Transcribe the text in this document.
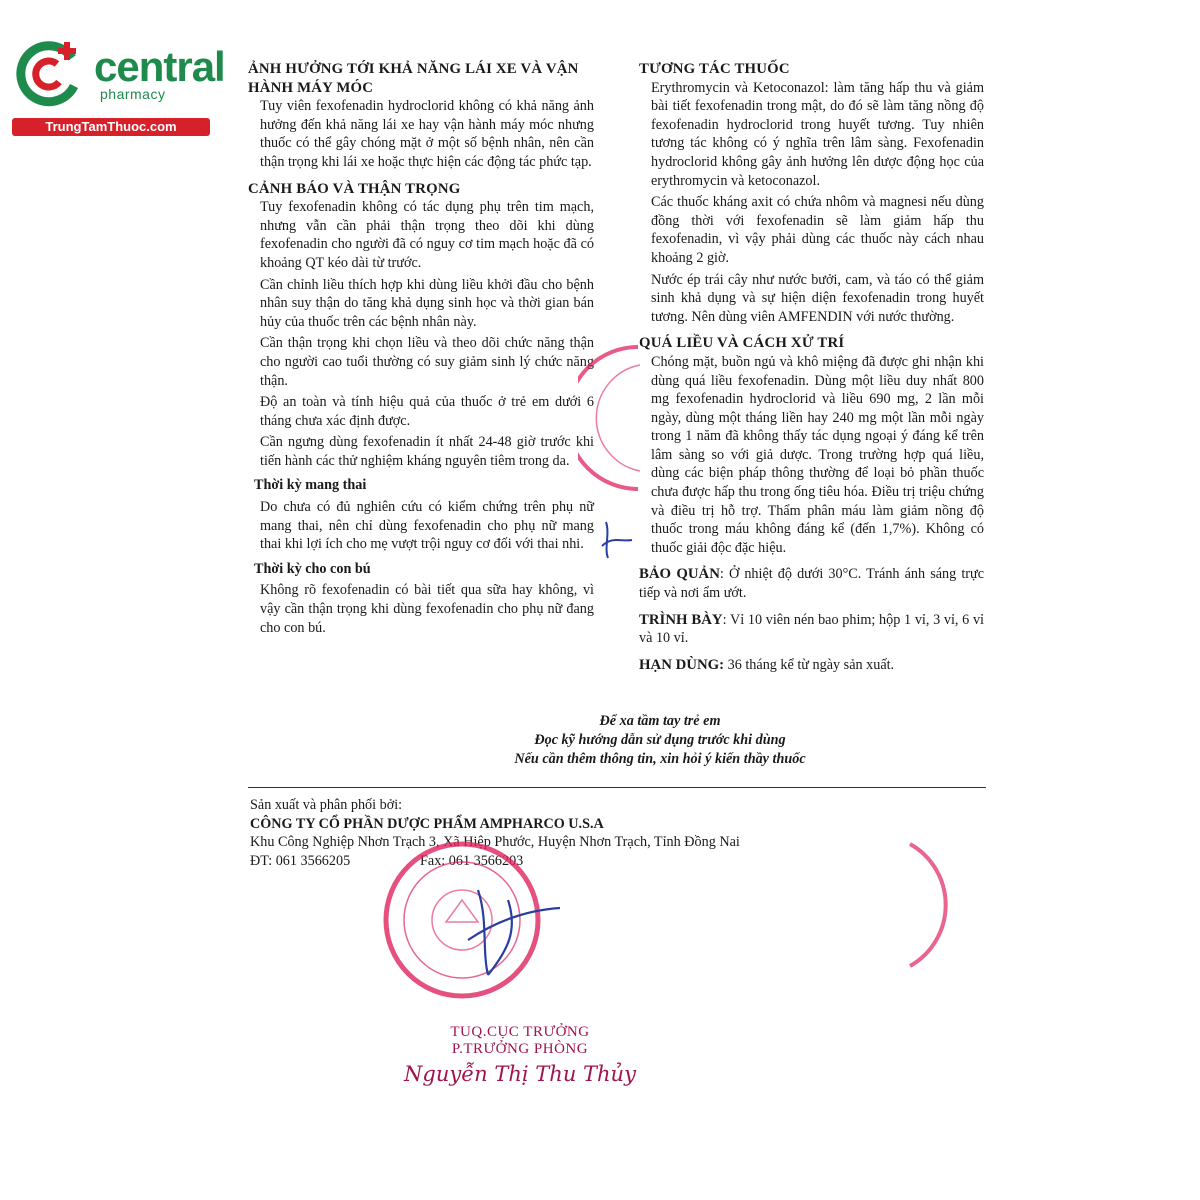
central
pharmacy
TrungTamThuoc.com
ẢNH HƯỞNG TỚI KHẢ NĂNG LÁI XE VÀ VẬN
HÀNH MÁY MÓC

Tuy viên fexofenadin hydroclorid không có khả năng ảnh hưởng đến khả năng lái xe hay vận hành máy móc nhưng thuốc có thể gây chóng mặt ở một số bệnh nhân, nên cần thận trọng khi lái xe hoặc thực hiện các động tác phức tạp.

CẢNH BÁO VÀ THẬN TRỌNG

Tuy fexofenadin không có tác dụng phụ trên tim mạch, nhưng vẫn cần phải thận trọng theo dõi khi dùng fexofenadin cho người đã có nguy cơ tim mạch hoặc đã có khoảng QT kéo dài từ trước.

Cần chỉnh liều thích hợp khi dùng liều khởi đầu cho bệnh nhân suy thận do tăng khả dụng sinh học và thời gian bán hủy của thuốc trên các bệnh nhân này.

Cần thận trọng khi chọn liều và theo dõi chức năng thận cho người cao tuổi thường có suy giảm sinh lý chức năng thận.

Độ an toàn và tính hiệu quả của thuốc ở trẻ em dưới 6 tháng chưa xác định được.

Cần ngưng dùng fexofenadin ít nhất 24-48 giờ trước khi tiến hành các thử nghiệm kháng nguyên tiêm trong da.

Thời kỳ mang thai

Do chưa có đủ nghiên cứu có kiểm chứng trên phụ nữ mang thai, nên chỉ dùng fexofenadin cho phụ nữ mang thai khi lợi ích cho mẹ vượt trội nguy cơ đối với thai nhi.

Thời kỳ cho con bú

Không rõ fexofenadin có bài tiết qua sữa hay không, vì vậy cần thận trọng khi dùng fexofenadin cho phụ nữ đang cho con bú.

TƯƠNG TÁC THUỐC

Erythromycin và Ketoconazol: làm tăng hấp thu và giảm bài tiết fexofenadin trong mật, do đó sẽ làm tăng nồng độ fexofenadin hydroclorid trong huyết tương. Tuy nhiên tương tác không có ý nghĩa trên lâm sàng. Fexofenadin hydroclorid không gây ảnh hưởng lên dược động học của erythromycin và ketoconazol.

Các thuốc kháng axit có chứa nhôm và magnesi nếu dùng đồng thời với fexofenadin sẽ làm giảm hấp thu fexofenadin, vì vậy phải dùng các thuốc này cách nhau khoảng 2 giờ.

Nước ép trái cây như nước bưởi, cam, và táo có thể giảm sinh khả dụng và sự hiện diện fexofenadin trong huyết tương. Nên dùng viên AMFENDIN với nước thường.

QUÁ LIỀU VÀ CÁCH XỬ TRÍ

Chóng mặt, buồn ngủ và khô miệng đã được ghi nhận khi dùng quá liều fexofenadin. Dùng một liều duy nhất 800 mg fexofenadin hydroclorid và liều 690 mg, 2 lần mỗi ngày, dùng một tháng liền hay 240 mg một lần mỗi ngày trong 1 năm đã không thấy tác dụng ngoại ý đáng kể trên lâm sàng so với giả dược. Trong trường hợp quá liều, dùng các biện pháp thông thường để loại bỏ phần thuốc chưa được hấp thu trong ống tiêu hóa. Điều trị triệu chứng và điều trị hỗ trợ. Thẩm phân máu làm giảm nồng độ thuốc trong máu không đáng kể (đến 1,7%). Không có thuốc giải độc đặc hiệu.

BẢO QUẢN: Ở nhiệt độ dưới 30°C. Tránh ánh sáng trực tiếp và nơi ẩm ướt.

TRÌNH BÀY: Vỉ 10 viên nén bao phim; hộp 1 vỉ, 3 vỉ, 6 vỉ và 10 vỉ.

HẠN DÙNG: 36 tháng kể từ ngày sản xuất.

Để xa tầm tay trẻ em
Đọc kỹ hướng dẫn sử dụng trước khi dùng
Nếu cần thêm thông tin, xin hỏi ý kiến thầy thuốc
Sản xuất và phân phối bởi:
CÔNG TY CỔ PHẦN DƯỢC PHẨM AMPHARCO U.S.A
Khu Công Nghiệp Nhơn Trạch 3, Xã Hiệp Phước, Huyện Nhơn Trạch, Tỉnh Đồng Nai
ĐT: 061 3566205	Fax: 061 3566203
TUQ.CỤC TRƯỞNG
P.TRƯỞNG PHÒNG
Nguyễn Thị Thu Thủy
